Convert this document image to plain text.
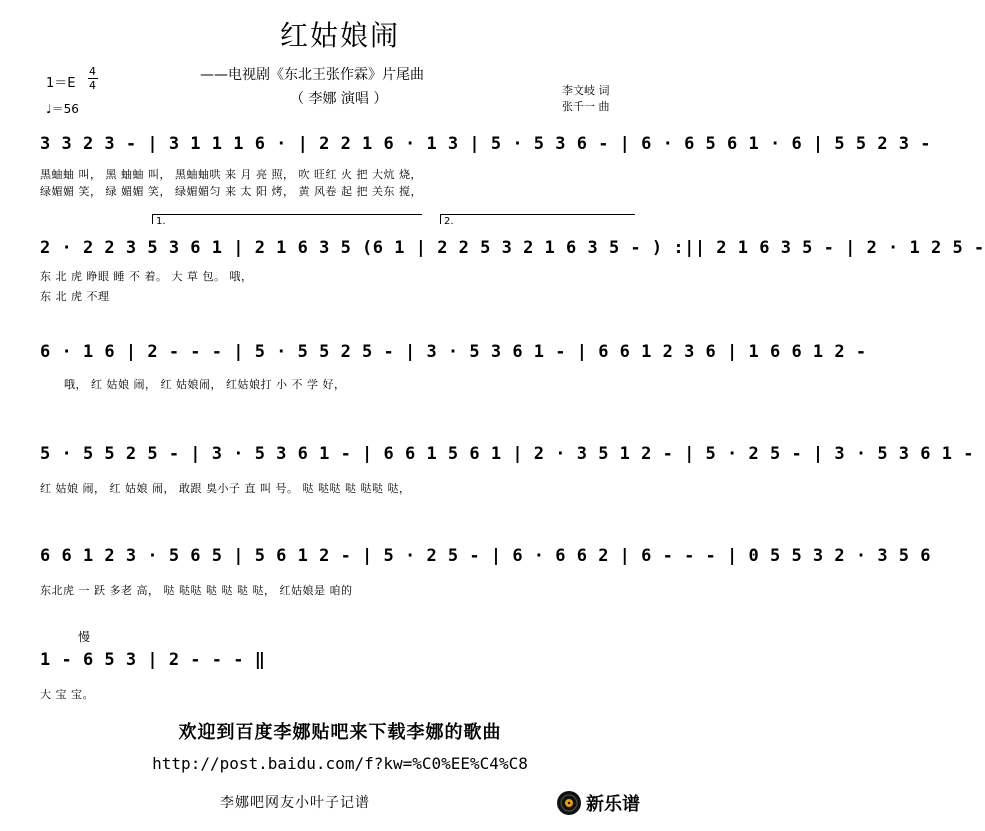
红姑娘闹
——电视剧《东北王张作霖》片尾曲
（ 李娜 演唱 ）
李文岐 词
张千一 曲
1＝E
4
4
♩＝56
3 3 2 3 - | 3 1 1 1 6 · | 2 2 1 6 · 1 3 | 5 · 5 3 6 - | 6 · 6 5 6 1 · 6 | 5 5 2 3 -
黑蚰蚰 叫， 黑 蚰蚰 叫， 黑蚰蚰哄 来 月 亮 照， 吹 旺红 火 把 大炕 烧，
绿媚媚 笑， 绿 媚媚 笑， 绿媚媚匀 来 太 阳 烤， 黄 风卷 起 把 关东 搅，
1.	2.
2 · 2 2 3 5 3 6 1 | 2 1 6 3 5 (6 1 | 2 2 5 3 2 1 6 3 5 - ) :|| 2 1 6 3 5 - | 2 · 1 2 5 -
东 北 虎 睁眼 睡 不 着。 大 草 包。 哦，
东 北 虎 不理
6 · 1 6 | 2 - - - | 5 · 5 5 2 5 - | 3 · 5 3 6 1 - | 6 6 1 2 3 6 | 1 6 6 1 2 -
哦， 红 姑娘 闹， 红 姑娘闹， 红姑娘打 小 不 学 好，
5 · 5 5 2 5 - | 3 · 5 3 6 1 - | 6 6 1 5 6 1 | 2 · 3 5 1 2 - | 5 · 2 5 - | 3 · 5 3 6 1 -
红 姑娘 闹， 红 姑娘 闹， 敢跟 臭小子 直 叫 号。 哒 哒哒 哒 哒哒 哒，
6 6 1 2 3 · 5 6 5 | 5 6 1 2 - | 5 · 2 5 - | 6 · 6 6 2 | 6 - - - | 0 5 5 3 2 · 3 5 6
东北虎 一 跃 多老 高， 哒 哒哒 哒 哒 哒 哒， 红姑娘是 咱的
慢
1 - 6 5 3 | 2 - - - ‖
大 宝 宝。
欢迎到百度李娜贴吧来下载李娜的歌曲
http://post.baidu.com/f?kw=%C0%EE%C4%C8
李娜吧网友小叶子记谱	新乐谱
